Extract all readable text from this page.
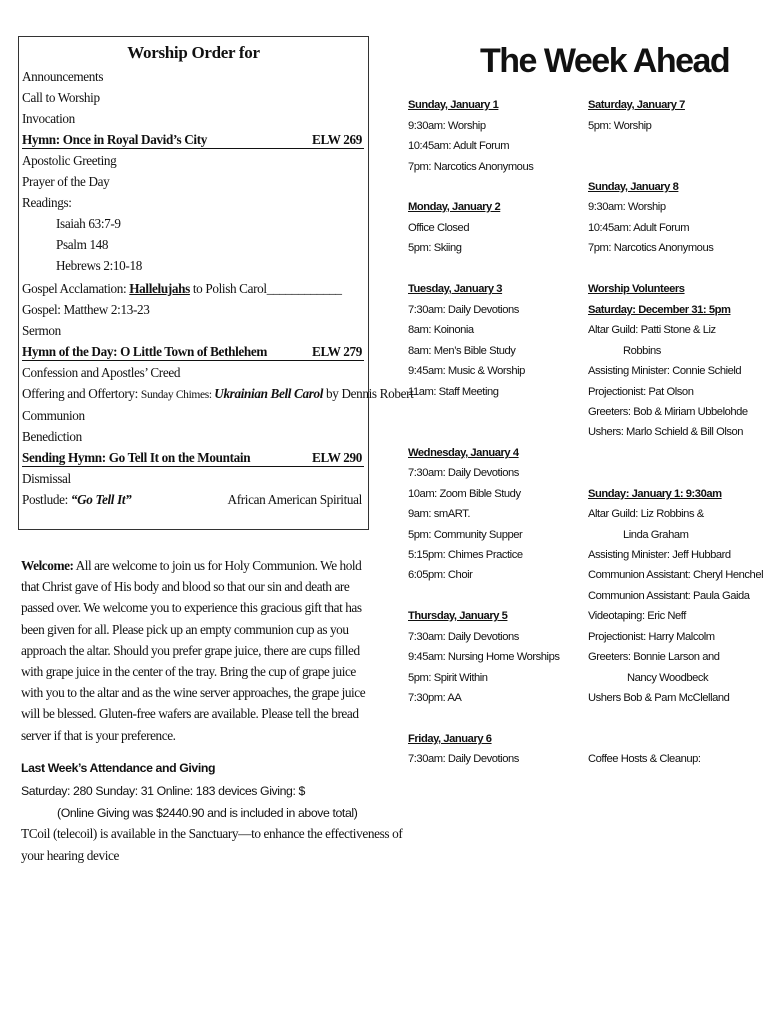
Worship Order for
Announcements
Call to Worship
Invocation
Hymn: Once in Royal David’s City	ELW 269
Apostolic Greeting
Prayer of the Day
Readings:
Isaiah 63:7-9
Psalm 148
Hebrews 2:10-18
Gospel Acclamation: Hallelujahs to Polish Carol____________
Gospel: Matthew 2:13-23
Sermon
Hymn of the Day: O Little Town of Bethlehem	ELW 279
Confession and Apostles’ Creed
Offering and Offertory: Sunday Chimes: Ukrainian Bell Carol by Dennis Robert
Communion
Benediction
Sending Hymn: Go Tell It on the Mountain	ELW 290
Dismissal
Postlude: “Go Tell It”	African American Spiritual
Welcome: All are welcome to join us for Holy Communion. We hold that Christ gave of His body and blood so that our sin and death are passed over. We welcome you to experience this gracious gift that has been given for all. Please pick up an empty communion cup as you approach the altar. Should you prefer grape juice, there are cups filled with grape juice in the center of the tray. Bring the cup of grape juice with you to the altar and as the wine server approaches, the grape juice will be blessed. Gluten-free wafers are available. Please tell the bread server if that is your preference.
Last Week’s Attendance and Giving
Saturday: 280 Sunday: 31 Online: 183 devices Giving: $
(Online Giving was $2440.90 and is included in above total)
TCoil (telecoil) is available in the Sanctuary—to enhance the effectiveness of
your hearing device
The Week Ahead
Sunday, January 1
9:30am: Worship
10:45am: Adult Forum
7pm: Narcotics Anonymous
Monday, January 2
Office Closed
5pm: Skiing
Tuesday, January 3
7:30am: Daily Devotions
8am: Koinonia
8am: Men’s Bible Study
9:45am: Music & Worship
11am: Staff Meeting
Wednesday, January 4
7:30am: Daily Devotions
10am: Zoom Bible Study
9am: smART.
5pm: Community Supper
5:15pm: Chimes Practice
6:05pm: Choir
Thursday, January 5
7:30am: Daily Devotions
9:45am: Nursing Home Worships
5pm: Spirit Within
7:30pm: AA
Friday, January 6
7:30am: Daily Devotions
Saturday, January 7
5pm: Worship
Sunday, January 8
9:30am: Worship
10:45am: Adult Forum
7pm: Narcotics Anonymous
Worship Volunteers
Saturday: December 31: 5pm
Altar Guild: Patti Stone & Liz
Robbins
Assisting Minister: Connie Schield
Projectionist: Pat Olson
Greeters: Bob & Miriam Ubbelohde
Ushers: Marlo Schield & Bill Olson
Sunday: January 1: 9:30am
Altar Guild: Liz Robbins &
Linda Graham
Assisting Minister: Jeff Hubbard
Communion Assistant: Cheryl Henchel
Communion Assistant: Paula Gaida
Videotaping: Eric Neff
Projectionist: Harry Malcolm
Greeters: Bonnie Larson and
Nancy Woodbeck
Ushers Bob & Pam McClelland
Coffee Hosts & Cleanup:
